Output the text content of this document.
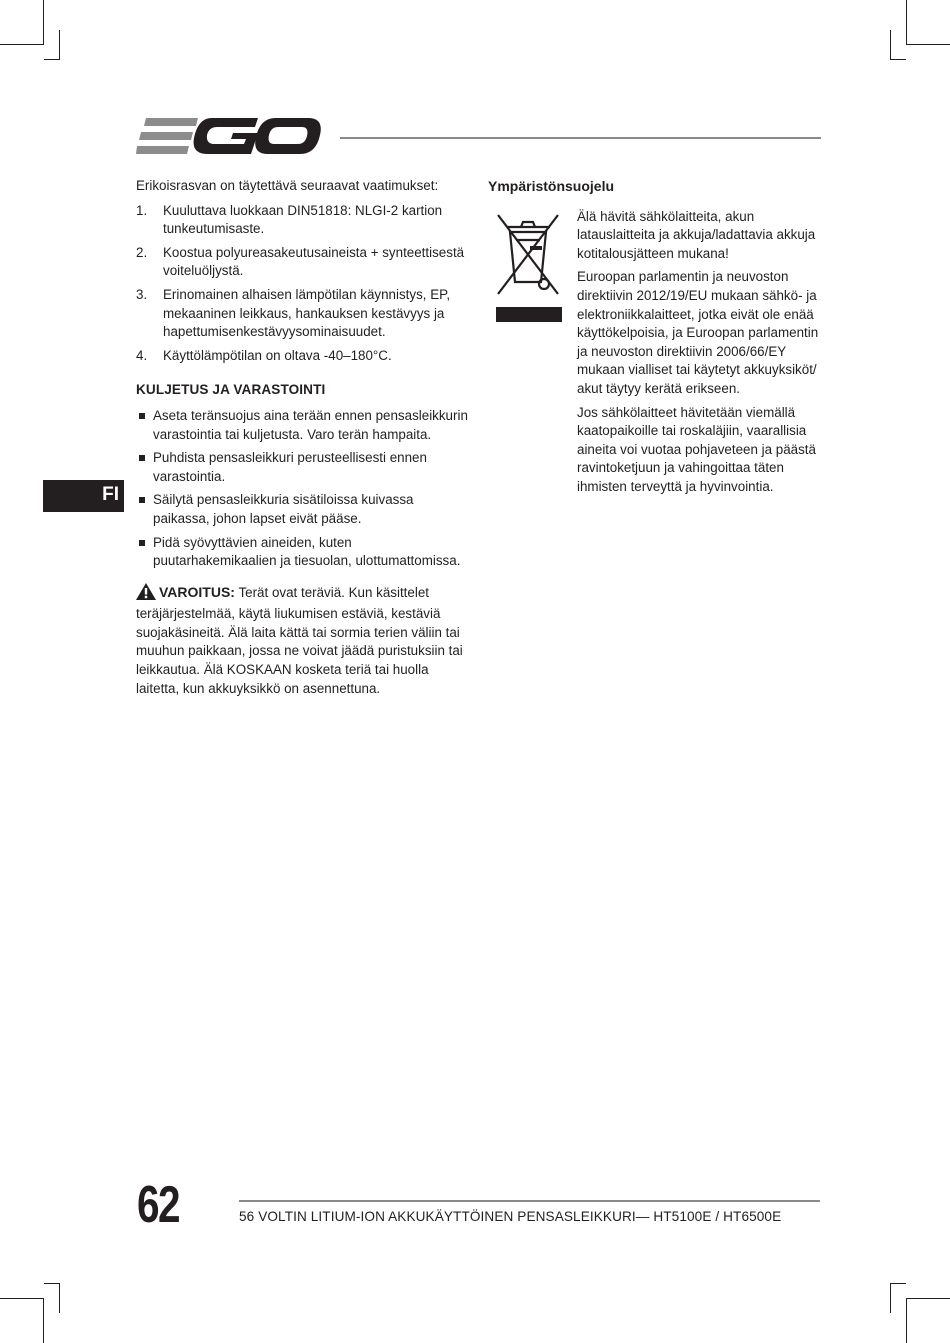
Erikoisrasvan on täytettävä seuraavat vaatimukset:

1. Kuuluttava luokkaan DIN51818: NLGI-2 kartion tunkeutumisaste.
2. Koostua polyureasakeutusaineista + synteettisestä voiteluöljystä.
3. Erinomainen alhaisen lämpötilan käynnistys, EP, mekaaninen leikkaus, hankauksen kestävyys ja hapettumisenkestävyysominaisuudet.
4. Käyttölämpötilan on oltava -40–180°C.
KULJETUS JA VARASTOINTI
Aseta teränsuojus aina terään ennen pensasleikkurin varastointia tai kuljetusta. Varo terän hampaita.
Puhdista pensasleikkuri perusteellisesti ennen varastointia.
Säilytä pensasleikkuria sisätiloissa kuivassa paikassa, johon lapset eivät pääse.
Pidä syövyttävien aineiden, kuten puutarhakemikaalien ja tiesuolan, ulottumattomissa.

VAROITUS: Terät ovat teräviä. Kun käsittelet teräjärjestelmää, käytä liukumisen estäviä, kestäviä suojakäsineitä. Älä laita kättä tai sormia terien väliin tai muuhun paikkaan, jossa ne voivat jäädä puristuksiin tai leikkautua. Älä KOSKAAN kosketa teriä tai huolla laitetta, kun akkuyksikkö on asennettuna.

Ympäristönsuojelu

Älä hävitä sähkölaitteita, akun latauslaitteita ja akkuja/ladattavia akkuja kotitalousjätteen mukana!

Euroopan parlamentin ja neuvoston direktiivin 2012/19/EU mukaan sähkö- ja elektroniikkalaitteet, jotka eivät ole enää käyttökelpoisia, ja Euroopan parlamentin ja neuvoston direktiivin 2006/66/EY mukaan vialliset tai käytetyt akkuyksiköt/ akut täytyy kerätä erikseen.

Jos sähkölaitteet hävitetään viemällä kaatopaikoille tai roskaläjiin, vaarallisia aineita voi vuotaa pohjaveteen ja päästä ravintoketjuun ja vahingoittaa täten ihmisten terveyttä ja hyvinvointia.

FI
62	56 VOLTIN LITIUM-ION AKKUKÄYTTÖINEN PENSASLEIKKURI— HT5100E / HT6500E
